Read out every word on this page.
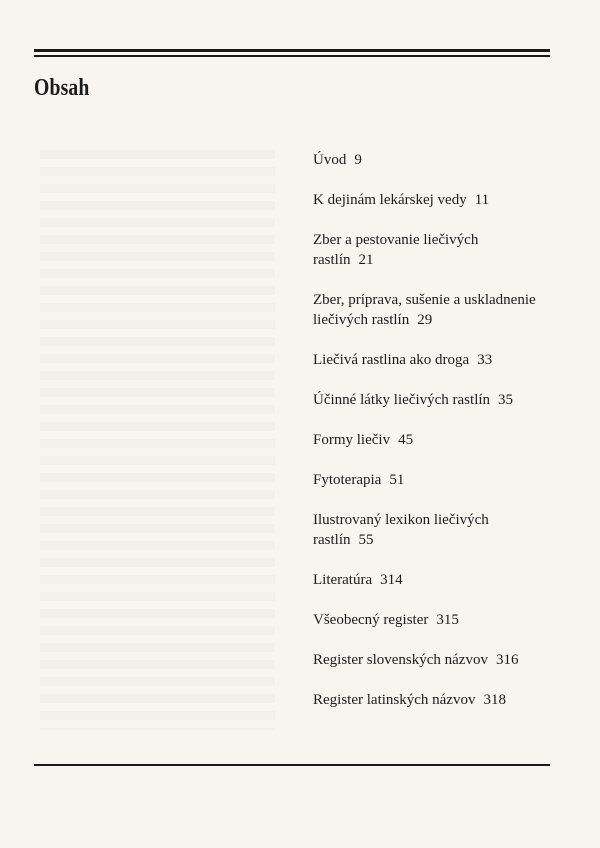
Obsah
Úvod 9
K dejinám lekárskej vedy 11
Zber a pestovanie liečivých
rastlín 21
Zber, príprava, sušenie a uskladnenie
liečivých rastlín 29
Liečivá rastlina ako droga 33
Účinné látky liečivých rastlín 35
Formy liečiv 45
Fytoterapia 51
Ilustrovaný lexikon liečivých
rastlín 55
Literatúra 314
Všeobecný register 315
Register slovenských názvov 316
Register latinských názvov 318
